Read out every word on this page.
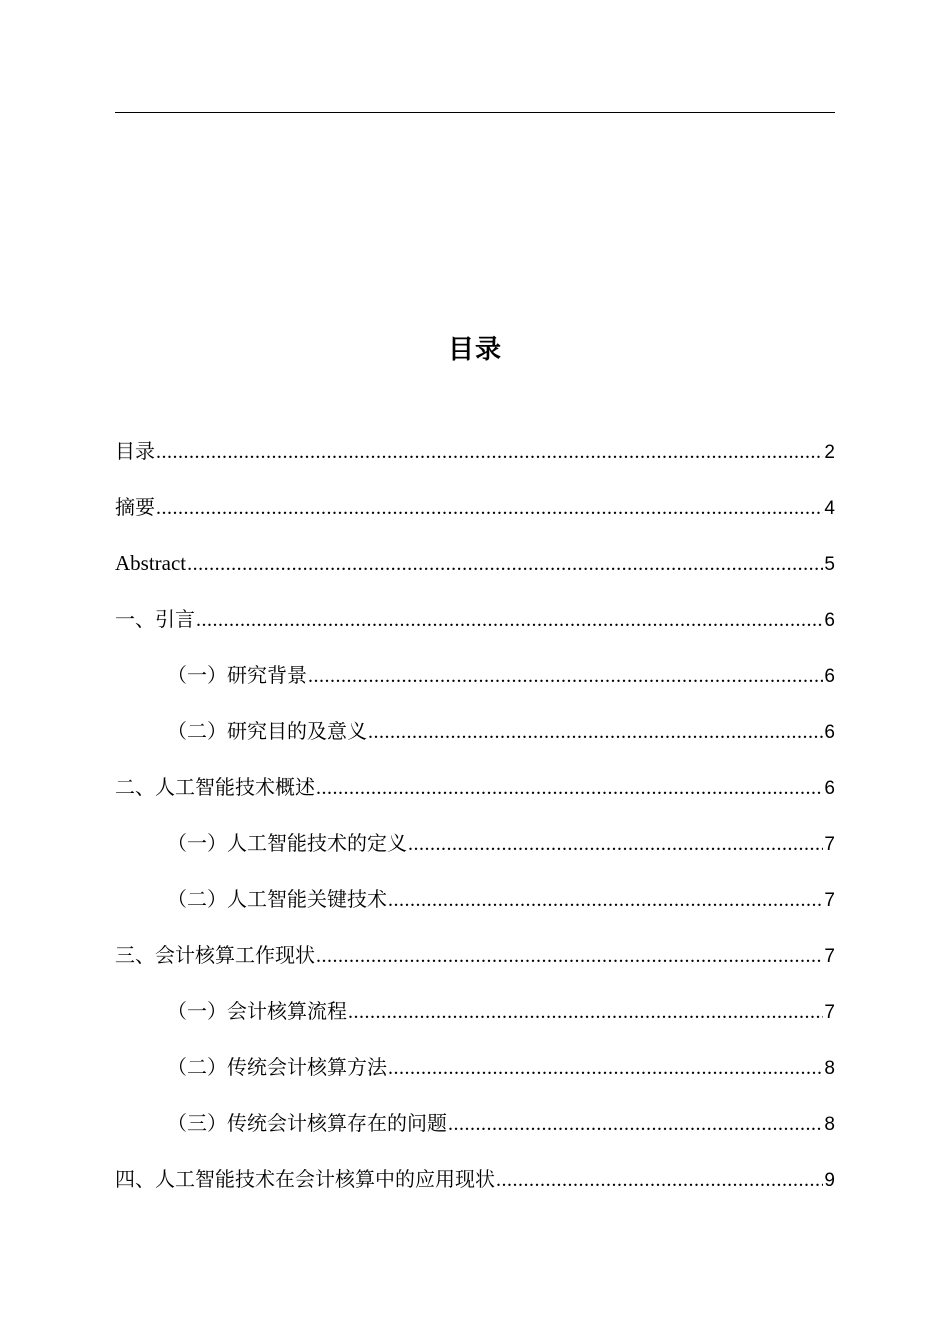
目录
目录 .....	2
摘要 .....	4
Abstract .....	5
一、引言 .....	6
（一）研究背景 .....	6
（二）研究目的及意义 .....	6
二、人工智能技术概述 .....	6
（一）人工智能技术的定义 .....	7
（二）人工智能关键技术 .....	7
三、会计核算工作现状 .....	7
（一）会计核算流程 .....	7
（二）传统会计核算方法 .....	8
（三）传统会计核算存在的问题 .....	8
四、人工智能技术在会计核算中的应用现状 .....	9
